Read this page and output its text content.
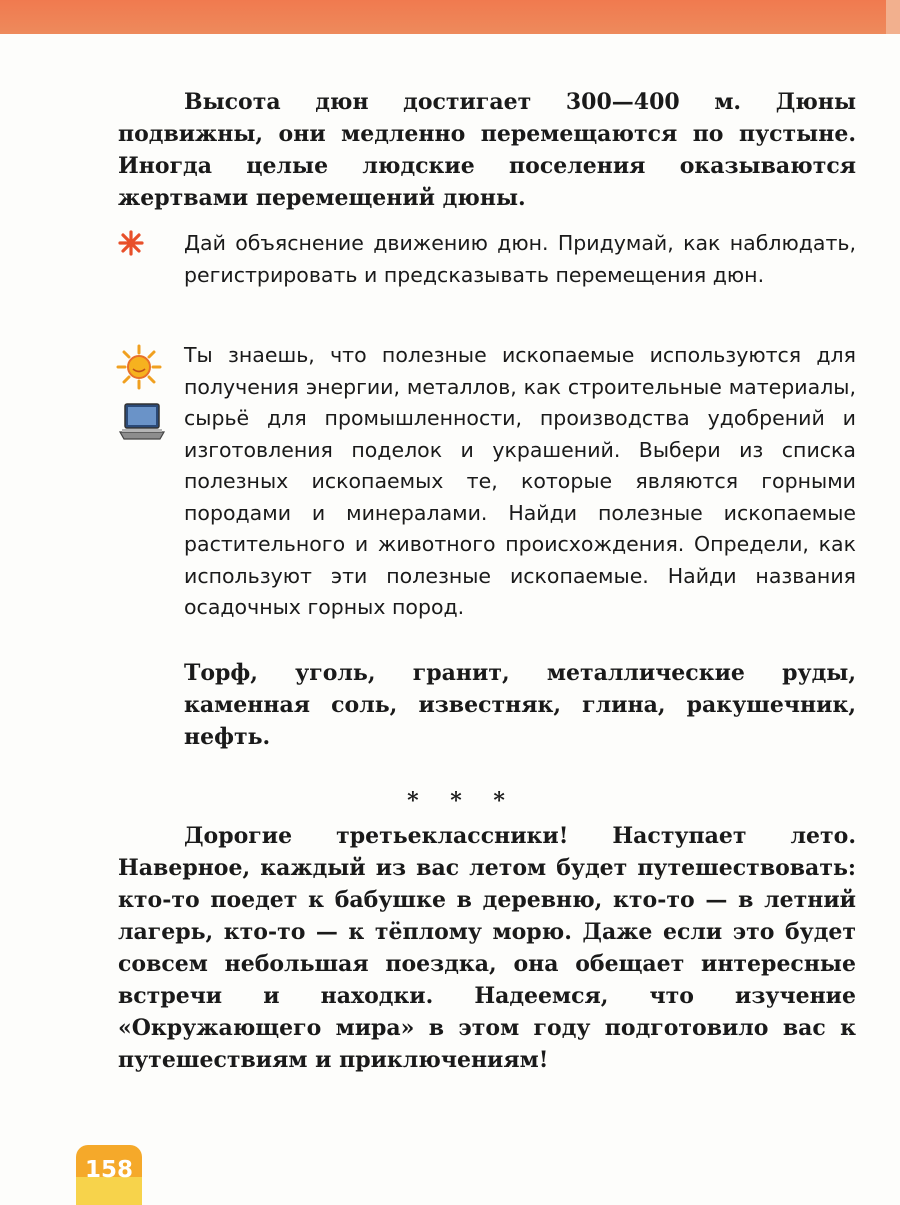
Высота дюн достигает 300—400 м. Дюны подвижны, они медленно перемещаются по пустыне. Иногда целые людские поселения оказываются жертвами перемещений дюны.

Дай объяснение движению дюн. Придумай, как наблюдать, регистрировать и предсказывать перемещения дюн.

Ты знаешь, что полезные ископаемые используются для получения энергии, металлов, как строительные материалы, сырьё для промышленности, производства удобрений и изготовления поделок и украшений. Выбери из списка полезных ископаемых те, которые являются горными породами и минералами. Найди полезные ископаемые растительного и животного происхождения. Определи, как используют эти полезные ископаемые. Найди названия осадочных горных пород.

Торф, уголь, гранит, металлические руды, каменная соль, известняк, глина, ракушечник, нефть.

* * *

Дорогие третьеклассники! Наступает лето. Наверное, каждый из вас летом будет путешествовать: кто-то поедет к бабушке в деревню, кто-то — в летний лагерь, кто-то — к тёплому морю. Даже если это будет совсем небольшая поездка, она обещает интересные встречи и находки. Надеемся, что изучение «Окружающего мира» в этом году подготовило вас к путешествиям и приключениям!

158
